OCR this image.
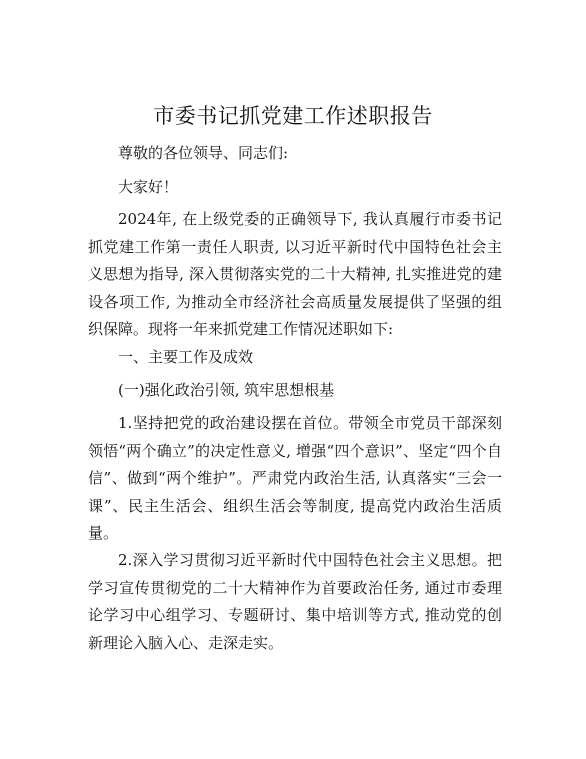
市委书记抓党建工作述职报告
尊敬的各位领导、同志们:
大家好！
2024年, 在上级党委的正确领导下, 我认真履行市委书记抓党建工作第一责任人职责, 以习近平新时代中国特色社会主义思想为指导, 深入贯彻落实党的二十大精神, 扎实推进党的建设各项工作, 为推动全市经济社会高质量发展提供了坚强的组织保障。现将一年来抓党建工作情况述职如下:
一、主要工作及成效
(一)强化政治引领, 筑牢思想根基
1.坚持把党的政治建设摆在首位。带领全市党员干部深刻领悟“两个确立”的决定性意义, 增强“四个意识”、坚定“四个自信”、做到“两个维护”。严肃党内政治生活, 认真落实“三会一课”、民主生活会、组织生活会等制度, 提高党内政治生活质量。
2.深入学习贯彻习近平新时代中国特色社会主义思想。把学习宣传贯彻党的二十大精神作为首要政治任务, 通过市委理论学习中心组学习、专题研讨、集中培训等方式, 推动党的创新理论入脑入心、走深走实。
